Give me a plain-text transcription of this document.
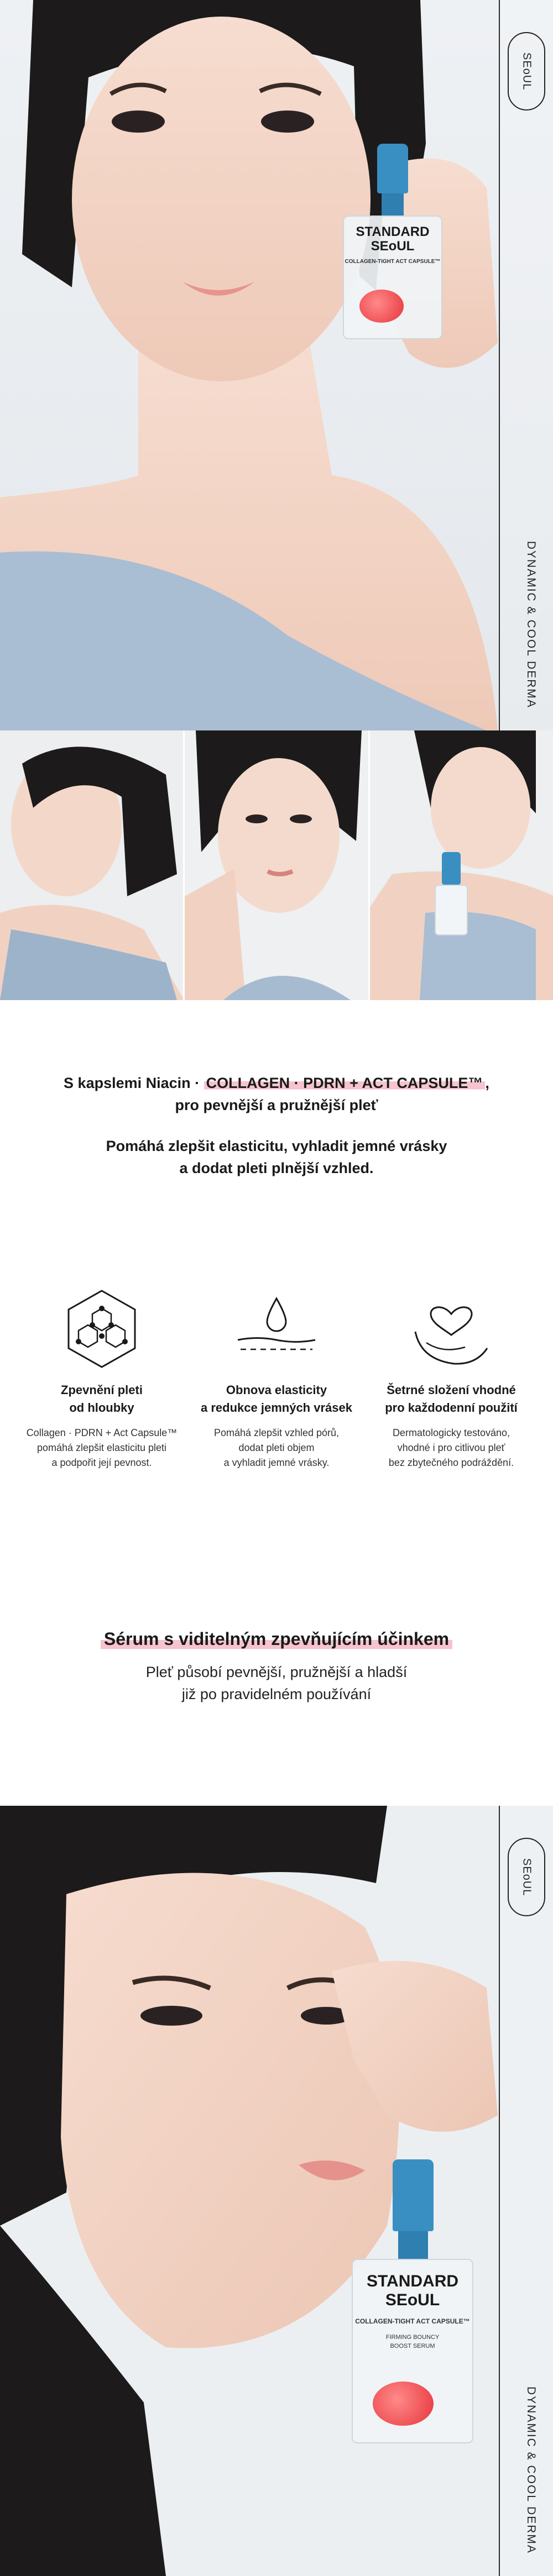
STANDARD
SEoUL
COLLAGEN-TIGHT ACT CAPSULE™
SEoUL
DYNAMIC & COOL DERMA

S kapslemi Niacin · COLLAGEN · PDRN + ACT CAPSULE™ ,

pro pevnější a pružnější pleť

Pomáhá zlepšit elasticitu, vyhladit jemné vrásky

a dodat pleti plnější vzhled.

Zpevnění pleti
od hloubky
Collagen · PDRN + Act Capsule™
pomáhá zlepšit elasticitu pleti
a podpořit její pevnost.
Obnova elasticity
a redukce jemných vrásek
Pomáhá zlepšit vzhled pórů,
dodat pleti objem
a vyhladit jemné vrásky.
Šetrné složení vhodné
pro každodenní použití
Dermatologicky testováno,
vhodné i pro citlivou pleť
bez zbytečného podráždění.
Sérum s viditelným zpevňujícím účinkem
Pleť působí pevnější, pružnější a hladší
již po pravidelném používání
STANDARD
SEoUL
COLLAGEN-TIGHT ACT CAPSULE™
FIRMING BOUNCY
BOOST SERUM
SEoUL
DYNAMIC & COOL DERMA
